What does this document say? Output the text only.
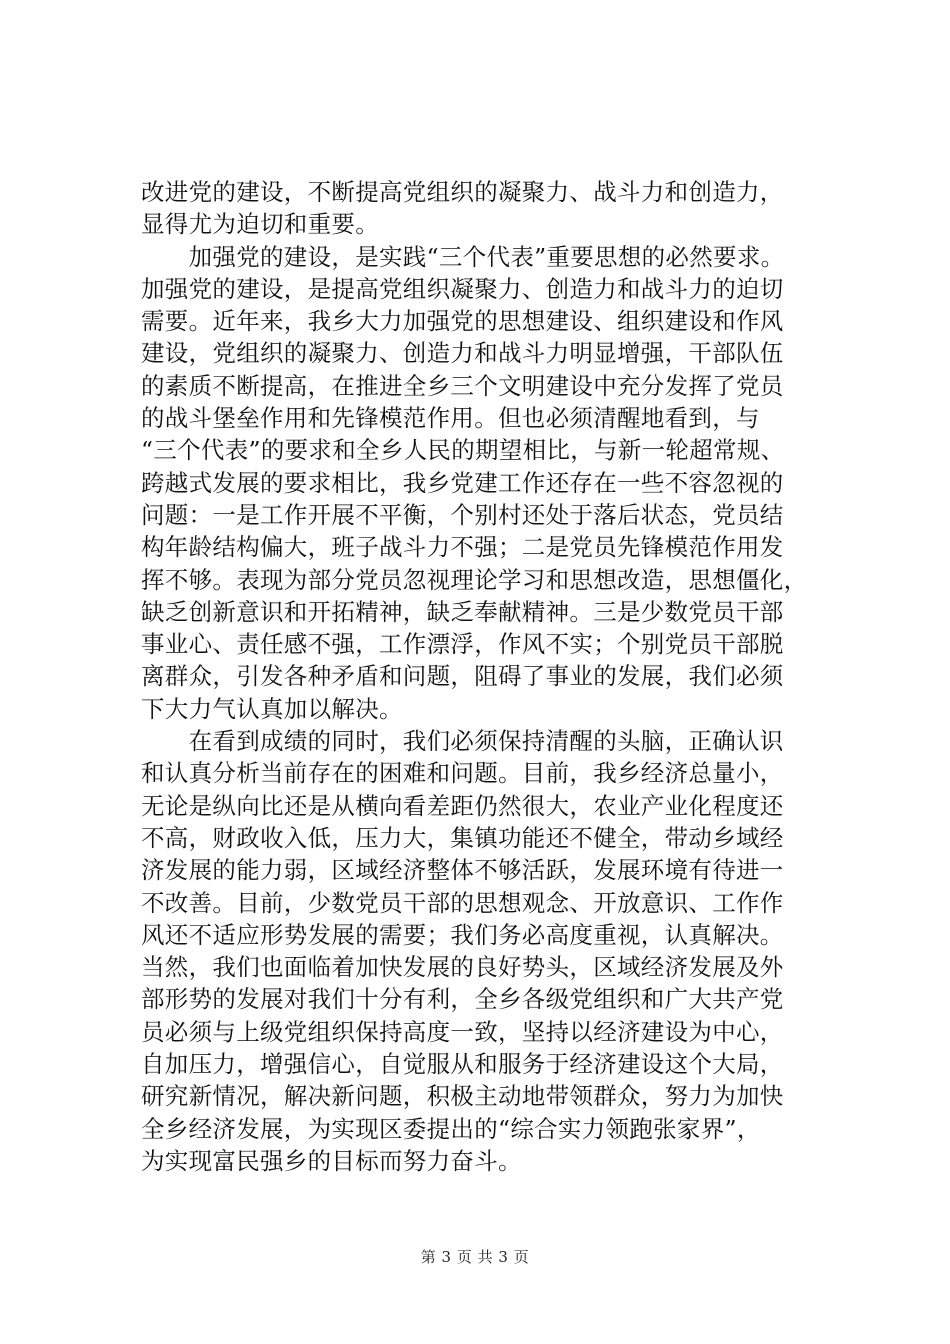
改进党的建设，不断提高党组织的凝聚力、战斗力和创造力，
显得尤为迫切和重要。
　　加强党的建设，是实践“三个代表”重要思想的必然要求。
加强党的建设，是提高党组织凝聚力、创造力和战斗力的迫切
需要。近年来，我乡大力加强党的思想建设、组织建设和作风
建设，党组织的凝聚力、创造力和战斗力明显增强，干部队伍
的素质不断提高，在推进全乡三个文明建设中充分发挥了党员
的战斗堡垒作用和先锋模范作用。但也必须清醒地看到，与
“三个代表”的要求和全乡人民的期望相比，与新一轮超常规、
跨越式发展的要求相比，我乡党建工作还存在一些不容忽视的
问题：一是工作开展不平衡，个别村还处于落后状态，党员结
构年龄结构偏大，班子战斗力不强；二是党员先锋模范作用发
挥不够。表现为部分党员忽视理论学习和思想改造，思想僵化，
缺乏创新意识和开拓精神，缺乏奉献精神。三是少数党员干部
事业心、责任感不强，工作漂浮，作风不实；个别党员干部脱
离群众，引发各种矛盾和问题，阻碍了事业的发展，我们必须
下大力气认真加以解决。
　　在看到成绩的同时，我们必须保持清醒的头脑，正确认识
和认真分析当前存在的困难和问题。目前，我乡经济总量小，
无论是纵向比还是从横向看差距仍然很大，农业产业化程度还
不高，财政收入低，压力大，集镇功能还不健全，带动乡域经
济发展的能力弱，区域经济整体不够活跃，发展环境有待进一
不改善。目前，少数党员干部的思想观念、开放意识、工作作
风还不适应形势发展的需要；我们务必高度重视，认真解决。
当然，我们也面临着加快发展的良好势头，区域经济发展及外
部形势的发展对我们十分有利，全乡各级党组织和广大共产党
员必须与上级党组织保持高度一致，坚持以经济建设为中心，
自加压力，增强信心，自觉服从和服务于经济建设这个大局，
研究新情况，解决新问题，积极主动地带领群众，努力为加快
全乡经济发展，为实现区委提出的“综合实力领跑张家界”，
为实现富民强乡的目标而努力奋斗。
第 3 页 共 3 页
